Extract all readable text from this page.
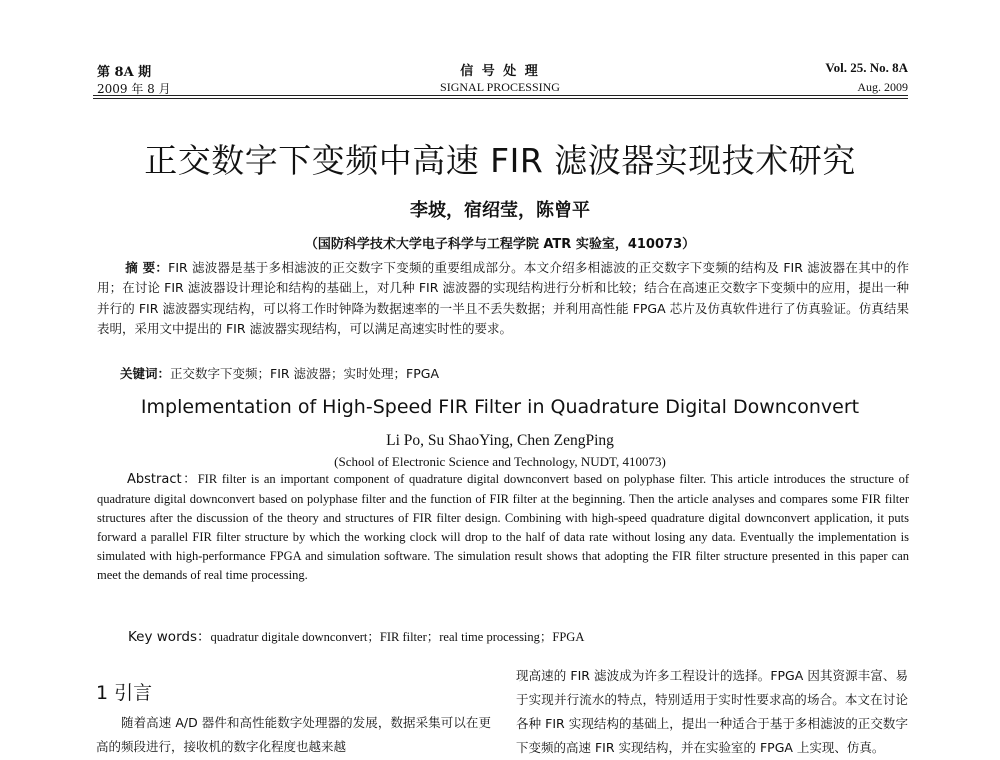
第 8A 期
2009 年 8 月
信 号 处 理
SIGNAL PROCESSING
Vol. 25. No. 8A
Aug. 2009
正交数字下变频中高速 FIR 滤波器实现技术研究
李坡，宿绍莹，陈曾平
（国防科学技术大学电子科学与工程学院 ATR 实验室，410073）
摘 要：FIR 滤波器是基于多相滤波的正交数字下变频的重要组成部分。本文介绍多相滤波的正交数字下变频的结构及 FIR 滤波器在其中的作用；在讨论 FIR 滤波器设计理论和结构的基础上，对几种 FIR 滤波器的实现结构进行分析和比较；结合在高速正交数字下变频中的应用，提出一种并行的 FIR 滤波器实现结构，可以将工作时钟降为数据速率的一半且不丢失数据；并利用高性能 FPGA 芯片及仿真软件进行了仿真验证。仿真结果表明，采用文中提出的 FIR 滤波器实现结构，可以满足高速实时性的要求。
关键词：正交数字下变频；FIR 滤波器；实时处理；FPGA
Implementation of High-Speed FIR Filter in Quadrature Digital Downconvert
Li Po, Su ShaoYing, Chen ZengPing
(School of Electronic Science and Technology, NUDT, 410073)
Abstract：FIR filter is an important component of quadrature digital downconvert based on polyphase filter. This article introduces the structure of quadrature digital downconvert based on polyphase filter and the function of FIR filter at the beginning. Then the article analyses and compares some FIR filter structures after the discussion of the theory and structures of FIR filter design. Combining with high-speed quadrature digital downconvert application, it puts forward a parallel FIR filter structure by which the working clock will drop to the half of data rate without losing any data. Eventually the implementation is simulated with high-performance FPGA and simulation software. The simulation result shows that adopting the FIR filter structure presented in this paper can meet the demands of real time processing.
Key words：quadratur digitale downconvert；FIR filter；real time processing；FPGA
1 引言
随着高速 A/D 器件和高性能数字处理器的发展，数据采集可以在更高的频段进行，接收机的数字化程度也越来越
现高速的 FIR 滤波成为许多工程设计的选择。FPGA 因其资源丰富、易于实现并行流水的特点，特别适用于实时性要求高的场合。本文在讨论各种 FIR 实现结构的基础上，提出一种适合于基于多相滤波的正交数字下变频的高速 FIR 实现结构，并在实验室的 FPGA 上实现、仿真。
